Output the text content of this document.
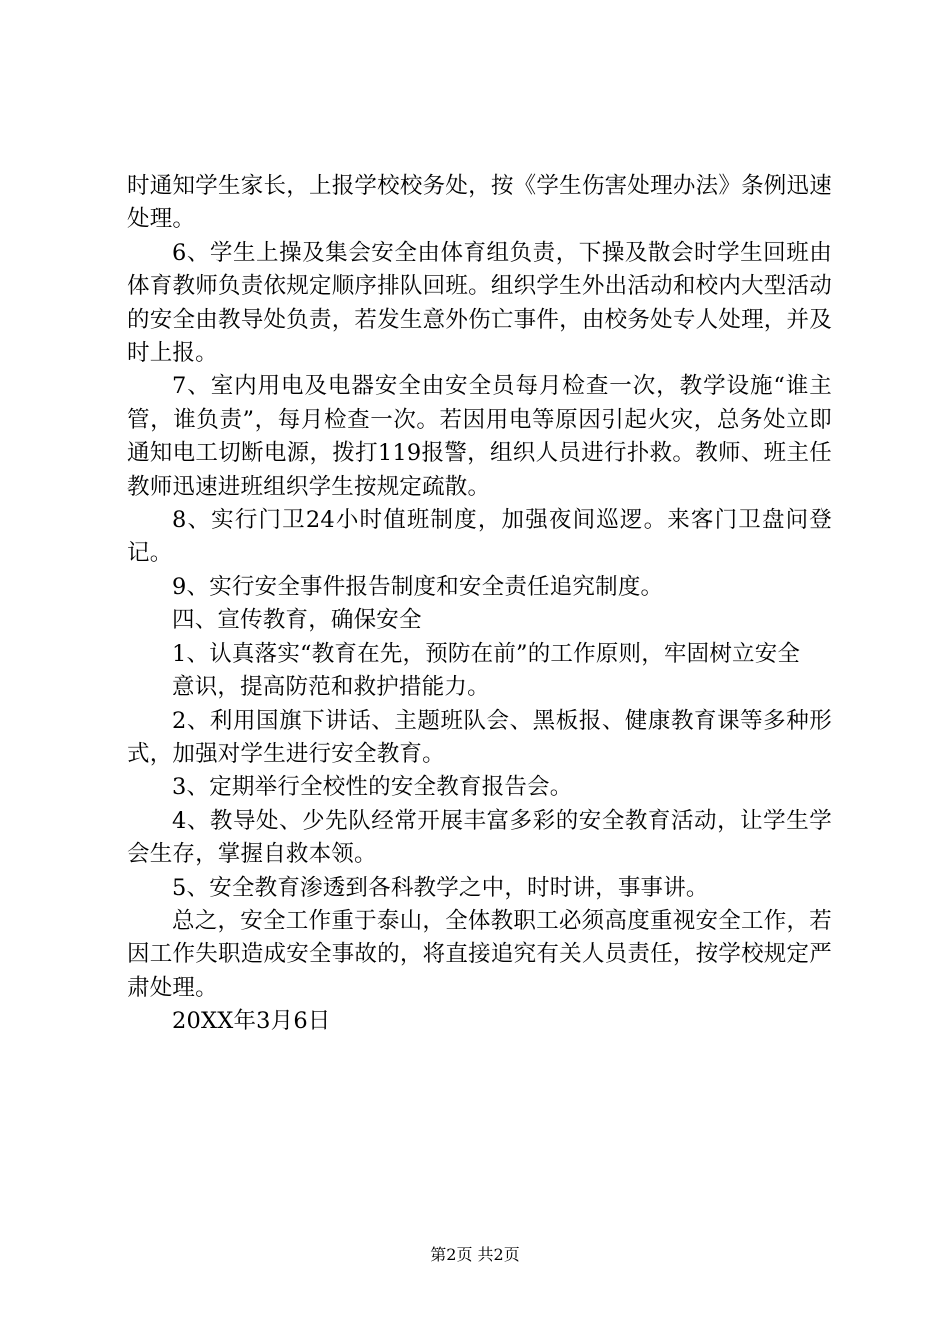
时通知学生家长，上报学校校务处，按《学生伤害处理办法》条例迅速处理。

6、学生上操及集会安全由体育组负责，下操及散会时学生回班由体育教师负责依规定顺序排队回班。组织学生外出活动和校内大型活动的安全由教导处负责，若发生意外伤亡事件，由校务处专人处理，并及时上报。

7、室内用电及电器安全由安全员每月检查一次，教学设施“谁主管，谁负责”，每月检查一次。若因用电等原因引起火灾，总务处立即通知电工切断电源，拨打119报警，组织人员进行扑救。教师、班主任教师迅速进班组织学生按规定疏散。

8、实行门卫24小时值班制度，加强夜间巡逻。来客门卫盘问登记。

9、实行安全事件报告制度和安全责任追究制度。

四、宣传教育，确保安全

1、认真落实“教育在先，预防在前”的工作原则，牢固树立安全

意识，提高防范和救护措能力。

2、利用国旗下讲话、主题班队会、黑板报、健康教育课等多种形式，加强对学生进行安全教育。

3、定期举行全校性的安全教育报告会。

4、教导处、少先队经常开展丰富多彩的安全教育活动，让学生学会生存，掌握自救本领。

5、安全教育渗透到各科教学之中，时时讲，事事讲。

总之，安全工作重于泰山，全体教职工必须高度重视安全工作，若因工作失职造成安全事故的，将直接追究有关人员责任，按学校规定严肃处理。

20XX年3月6日

第2页 共2页
